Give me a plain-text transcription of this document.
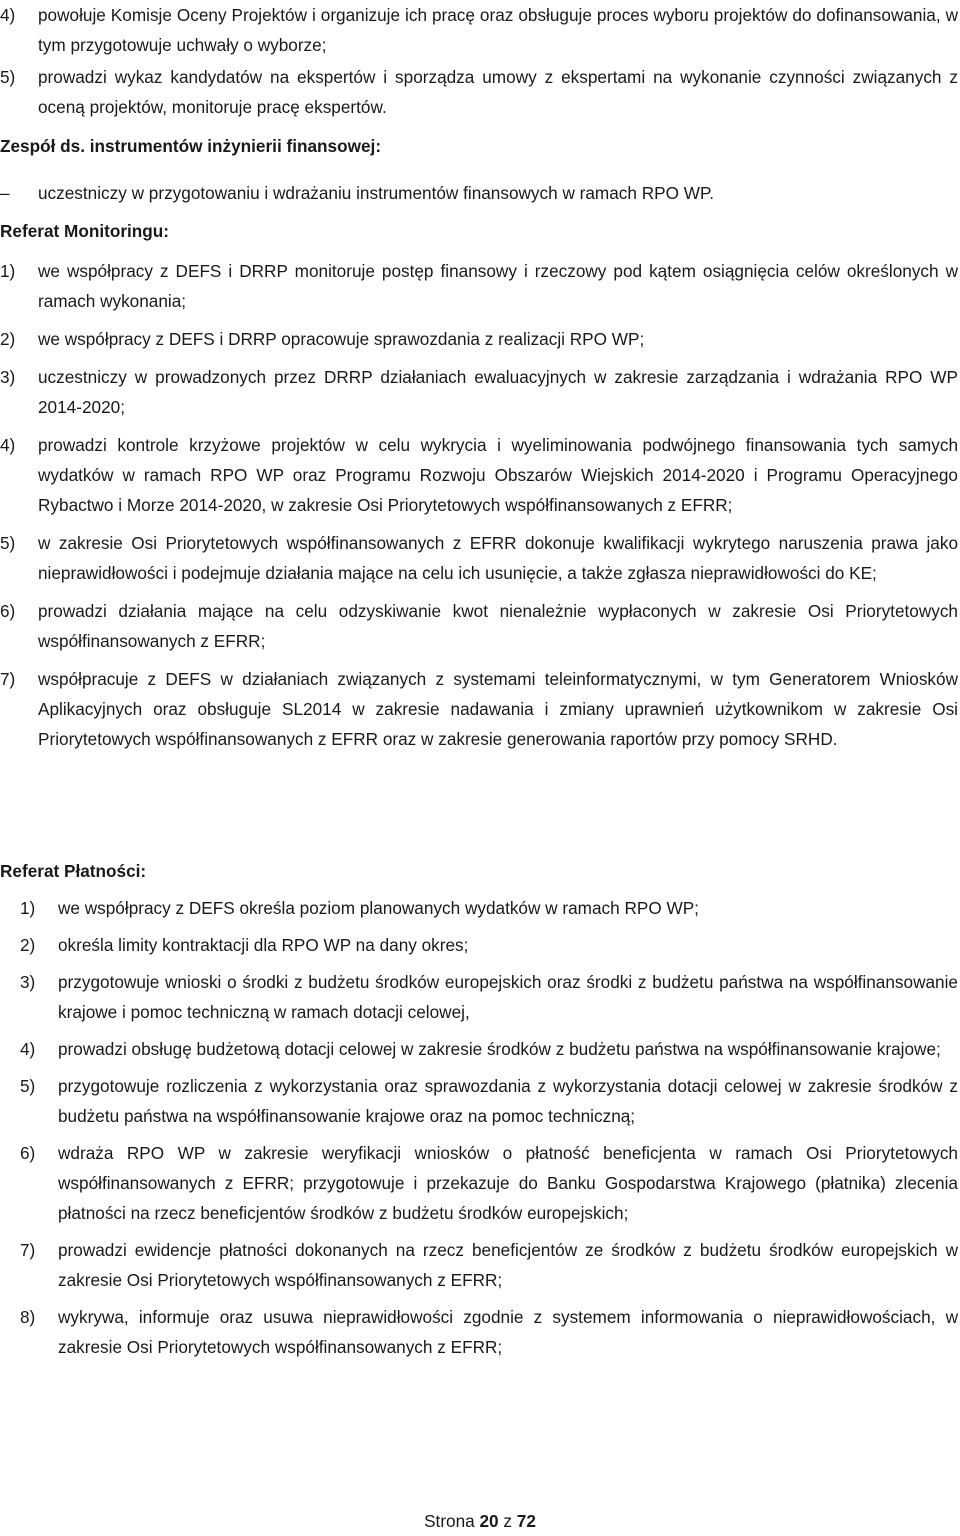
4)	powołuje Komisje Oceny Projektów i organizuje ich pracę oraz obsługuje proces wyboru projektów do dofinansowania, w tym przygotowuje uchwały o wyborze;
5)	prowadzi wykaz kandydatów na ekspertów i sporządza umowy z ekspertami na wykonanie czynności związanych z oceną projektów, monitoruje pracę ekspertów.
Zespół ds. instrumentów inżynierii finansowej:
–	uczestniczy w przygotowaniu i wdrażaniu instrumentów finansowych w ramach RPO WP.
Referat Monitoringu:
1)	we współpracy z DEFS i DRRP monitoruje postęp finansowy i rzeczowy pod kątem osiągnięcia celów określonych w ramach wykonania;
2)	we współpracy z DEFS i DRRP opracowuje sprawozdania z realizacji RPO WP;
3)	uczestniczy w prowadzonych przez DRRP działaniach ewaluacyjnych w zakresie zarządzania i wdrażania RPO WP 2014-2020;
4)	prowadzi kontrole krzyżowe projektów w celu wykrycia i wyeliminowania podwójnego finansowania tych samych wydatków w ramach RPO WP oraz Programu Rozwoju Obszarów Wiejskich 2014-2020 i Programu Operacyjnego Rybactwo i Morze 2014-2020, w zakresie Osi Priorytetowych współfinansowanych z EFRR;
5)	w zakresie Osi Priorytetowych współfinansowanych z EFRR dokonuje kwalifikacji wykrytego naruszenia prawa jako nieprawidłowości i podejmuje działania mające na celu ich usunięcie, a także zgłasza nieprawidłowości do KE;
6)	prowadzi działania mające na celu odzyskiwanie kwot nienależnie wypłaconych w zakresie Osi Priorytetowych współfinansowanych z EFRR;
7)	współpracuje z DEFS w działaniach związanych z systemami teleinformatycznymi, w tym Generatorem Wniosków Aplikacyjnych oraz obsługuje SL2014 w zakresie nadawania i zmiany uprawnień użytkownikom w zakresie Osi Priorytetowych współfinansowanych z EFRR oraz w zakresie generowania raportów przy pomocy SRHD.
Referat Płatności:
1)	we współpracy z DEFS określa poziom planowanych wydatków w ramach RPO WP;
2)	określa limity kontraktacji dla RPO WP na dany okres;
3)	przygotowuje wnioski o środki z budżetu środków europejskich oraz środki z budżetu państwa na współfinansowanie krajowe i pomoc techniczną w ramach dotacji celowej,
4)	prowadzi obsługę budżetową dotacji celowej w zakresie środków z budżetu państwa na współfinansowanie krajowe;
5)	przygotowuje rozliczenia z wykorzystania oraz sprawozdania z wykorzystania dotacji celowej w zakresie środków z budżetu państwa na współfinansowanie krajowe oraz na pomoc techniczną;
6)	wdraża RPO WP w zakresie weryfikacji wniosków o płatność beneficjenta w ramach Osi Priorytetowych współfinansowanych z EFRR; przygotowuje i przekazuje do Banku Gospodarstwa Krajowego (płatnika) zlecenia płatności na rzecz beneficjentów środków z budżetu środków europejskich;
7)	prowadzi ewidencje płatności dokonanych na rzecz beneficjentów ze środków z budżetu środków europejskich w zakresie Osi Priorytetowych współfinansowanych z EFRR;
8)	wykrywa, informuje oraz usuwa nieprawidłowości zgodnie z systemem informowania o nieprawidłowościach, w zakresie Osi Priorytetowych współfinansowanych z EFRR;
Strona 20 z 72
